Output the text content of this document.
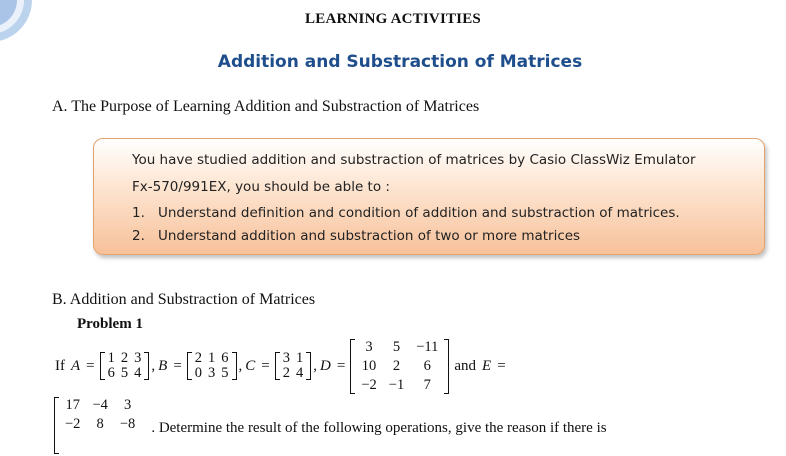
LEARNING ACTIVITIES
Addition and Substraction of Matrices
A. The Purpose of Learning Addition and Substraction of Matrices
You have studied addition and substraction of matrices by Casio ClassWiz Emulator
Fx-570/991EX, you should be able to :
1. Understand definition and condition of addition and substraction of matrices.
2. Understand addition and substraction of two or more matrices
B. Addition and Substraction of Matrices
Problem 1
If A = 1	2	3
6	5	4 , B = 2	1	6
0	3	5 , C = 3	1
2	4 , D =
3	5	−11
10	2	6
−2	−1	7
and E =
17	−4	3
−2	8	−8
		. Determine the result of the following operations, give the reason if there is
